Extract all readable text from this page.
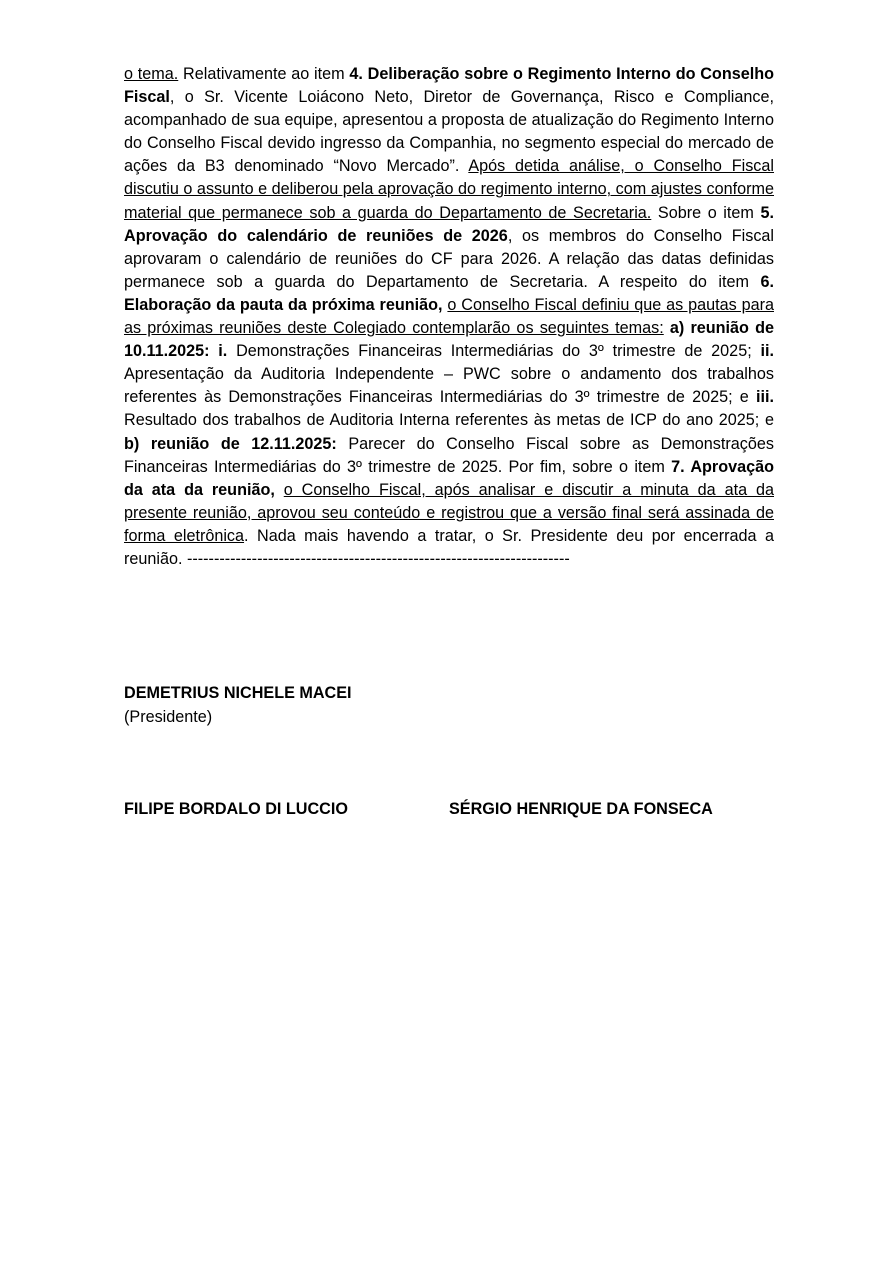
o tema. Relativamente ao item 4. Deliberação sobre o Regimento Interno do Conselho Fiscal, o Sr. Vicente Loiácono Neto, Diretor de Governança, Risco e Compliance, acompanhado de sua equipe, apresentou a proposta de atualização do Regimento Interno do Conselho Fiscal devido ingresso da Companhia, no segmento especial do mercado de ações da B3 denominado “Novo Mercado”. Após detida análise, o Conselho Fiscal discutiu o assunto e deliberou pela aprovação do regimento interno, com ajustes conforme material que permanece sob a guarda do Departamento de Secretaria. Sobre o item 5. Aprovação do calendário de reuniões de 2026, os membros do Conselho Fiscal aprovaram o calendário de reuniões do CF para 2026. A relação das datas definidas permanece sob a guarda do Departamento de Secretaria. A respeito do item 6. Elaboração da pauta da próxima reunião, o Conselho Fiscal definiu que as pautas para as próximas reuniões deste Colegiado contemplarão os seguintes temas: a) reunião de 10.11.2025: i. Demonstrações Financeiras Intermediárias do 3º trimestre de 2025; ii. Apresentação da Auditoria Independente – PWC sobre o andamento dos trabalhos referentes às Demonstrações Financeiras Intermediárias do 3º trimestre de 2025; e iii. Resultado dos trabalhos de Auditoria Interna referentes às metas de ICP do ano 2025; e b) reunião de 12.11.2025: Parecer do Conselho Fiscal sobre as Demonstrações Financeiras Intermediárias do 3º trimestre de 2025. Por fim, sobre o item 7. Aprovação da ata da reunião, o Conselho Fiscal, após analisar e discutir a minuta da ata da presente reunião, aprovou seu conteúdo e registrou que a versão final será assinada de forma eletrônica. Nada mais havendo a tratar, o Sr. Presidente deu por encerrada a reunião. -----------------------------------------------------------------------

DEMETRIUS NICHELE MACEI

(Presidente)

FILIPE BORDALO DI LUCCIO	SÉRGIO HENRIQUE DA FONSECA
